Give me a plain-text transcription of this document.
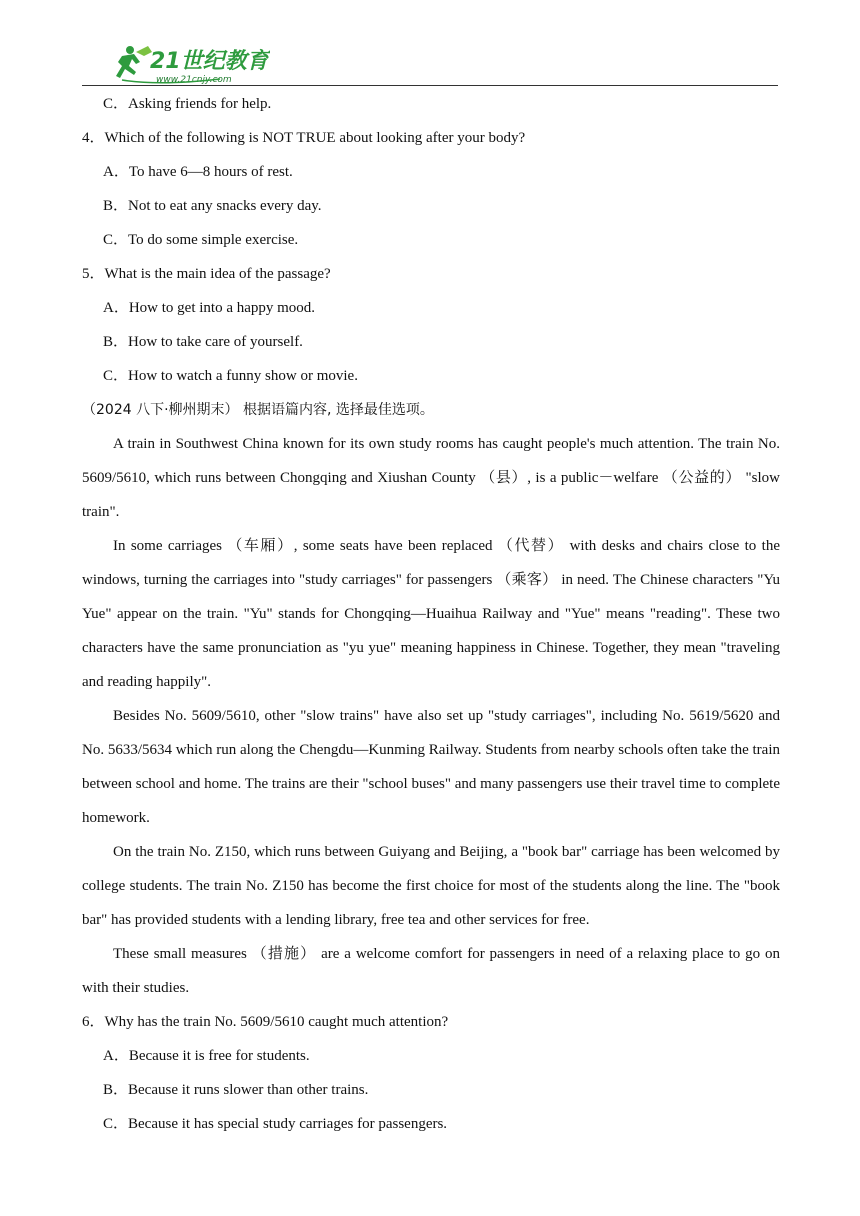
21世纪教育
www.21cnjy.com
C．Asking friends for help.
4．Which of the following is NOT TRUE about looking after your body?
A．To have 6—8 hours of rest.
B．Not to eat any snacks every day.
C．To do some simple exercise.
5．What is the main idea of the passage?
A．How to get into a happy mood.
B．How to take care of yourself.
C．How to watch a funny show or movie.
（2024 八下·柳州期末） 根据语篇内容, 选择最佳选项。

A train in Southwest China known for its own study rooms has caught people's much attention. The train No. 5609/5610, which runs between Chongqing and Xiushan County （县）, is a public－welfare （公益的） "slow train".

In some carriages （车厢）, some seats have been replaced （代替） with desks and chairs close to the windows, turning the carriages into "study carriages" for passengers （乘客） in need. The Chinese characters "Yu Yue" appear on the train. "Yu" stands for Chongqing—Huaihua Railway and "Yue" means "reading". These two characters have the same pronunciation as "yu yue" meaning happiness in Chinese. Together, they mean "traveling and reading happily".

Besides No. 5609/5610, other "slow trains" have also set up "study carriages", including No. 5619/5620 and No. 5633/5634 which run along the Chengdu—Kunming Railway. Students from nearby schools often take the train between school and home. The trains are their "school buses" and many passengers use their travel time to complete homework.

On the train No. Z150, which runs between Guiyang and Beijing, a "book bar" carriage has been welcomed by college students. The train No. Z150 has become the first choice for most of the students along the line. The "book bar" has provided students with a lending library, free tea and other services for free.

These small measures （措施） are a welcome comfort for passengers in need of a relaxing place to go on with their studies.

6．Why has the train No. 5609/5610 caught much attention?
A．Because it is free for students.
B．Because it runs slower than other trains.
C．Because it has special study carriages for passengers.
